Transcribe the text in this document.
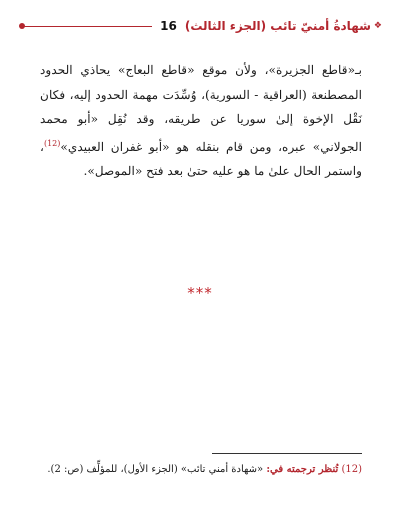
❖
شهادةُ أمنيّ تائب (الجزء الثالث)
16

بـ«قاطع الجزيرة»، ولأن موقع «قاطع البعاج» يحاذي الحدود المصطنعة (العراقية - السورية)، وُسِّدَت مهمة الحدود إليه، فكان نَقْل الإخوة إلىٰ سوريا عن طريقه، وقد نُقِل «أبو محمد الجولاني» عبره، ومن قام بنقله هو «أبو غفران العبيدي»$^{(12)}$، واستمر الحال علىٰ ما هو عليه حتىٰ بعد فتح «الموصل».

***
(12) تُنظر ترجمته في: «شهادة أمني تائب» (الجزء الأول)، للمؤلِّف (ص: 2).
